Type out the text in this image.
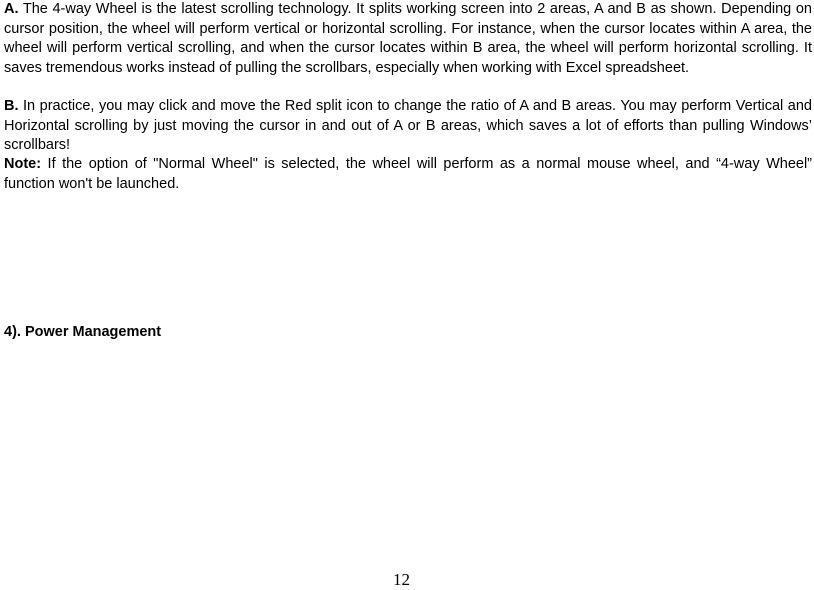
A. The 4-way Wheel is the latest scrolling technology. It splits working screen into 2 areas, A and B as shown. Depending on cursor position, the wheel will perform vertical or horizontal scrolling. For instance, when the cursor locates within A area, the wheel will perform vertical scrolling, and when the cursor locates within B area, the wheel will perform horizontal scrolling. It saves tremendous works instead of pulling the scrollbars, especially when working with Excel spreadsheet.

B. In practice, you may click and move the Red split icon to change the ratio of A and B areas. You may perform Vertical and Horizontal scrolling by just moving the cursor in and out of A or B areas, which saves a lot of efforts than pulling Windows’ scrollbars!

Note: If the option of "Normal Wheel" is selected, the wheel will perform as a normal mouse wheel, and “4-way Wheel” function won't be launched.

4). Power Management
12
